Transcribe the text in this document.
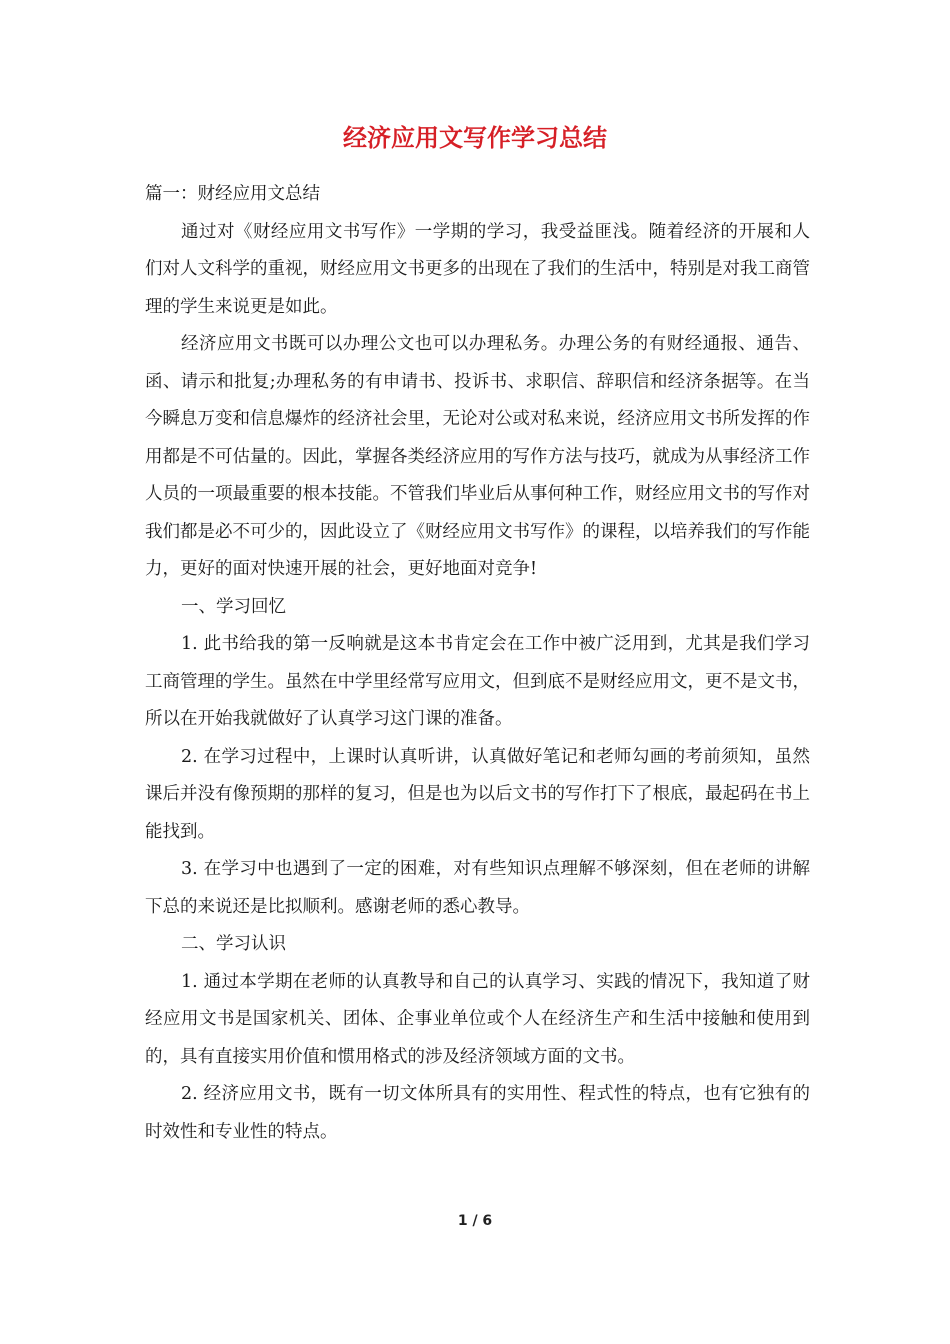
经济应用文写作学习总结

篇一：财经应用文总结

通过对《财经应用文书写作》一学期的学习，我受益匪浅。随着经济的开展和人们对人文科学的重视，财经应用文书更多的出现在了我们的生活中，特别是对我工商管理的学生来说更是如此。

经济应用文书既可以办理公文也可以办理私务。办理公务的有财经通报、通告、函、请示和批复;办理私务的有申请书、投诉书、求职信、辞职信和经济条据等。在当今瞬息万变和信息爆炸的经济社会里，无论对公或对私来说，经济应用文书所发挥的作用都是不可估量的。因此，掌握各类经济应用的写作方法与技巧，就成为从事经济工作人员的一项最重要的根本技能。不管我们毕业后从事何种工作，财经应用文书的写作对我们都是必不可少的，因此设立了《财经应用文书写作》的课程，以培养我们的写作能力，更好的面对快速开展的社会，更好地面对竞争!

一、学习回忆

1. 此书给我的第一反响就是这本书肯定会在工作中被广泛用到，尤其是我们学习工商管理的学生。虽然在中学里经常写应用文，但到底不是财经应用文，更不是文书，所以在开始我就做好了认真学习这门课的准备。

2. 在学习过程中，上课时认真听讲，认真做好笔记和老师勾画的考前须知，虽然课后并没有像预期的那样的复习，但是也为以后文书的写作打下了根底，最起码在书上能找到。

3. 在学习中也遇到了一定的困难，对有些知识点理解不够深刻，但在老师的讲解下总的来说还是比拟顺利。感谢老师的悉心教导。

二、学习认识

1. 通过本学期在老师的认真教导和自己的认真学习、实践的情况下，我知道了财经应用文书是国家机关、团体、企事业单位或个人在经济生产和生活中接触和使用到的，具有直接实用价值和惯用格式的涉及经济领域方面的文书。

2. 经济应用文书，既有一切文体所具有的实用性、程式性的特点，也有它独有的时效性和专业性的特点。

1 / 6
